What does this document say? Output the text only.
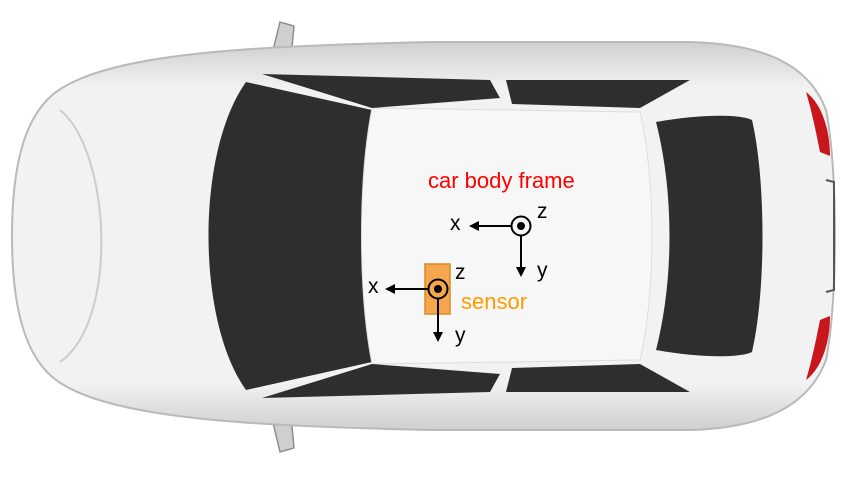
car body frame
x
z
y
x
z
y
sensor
